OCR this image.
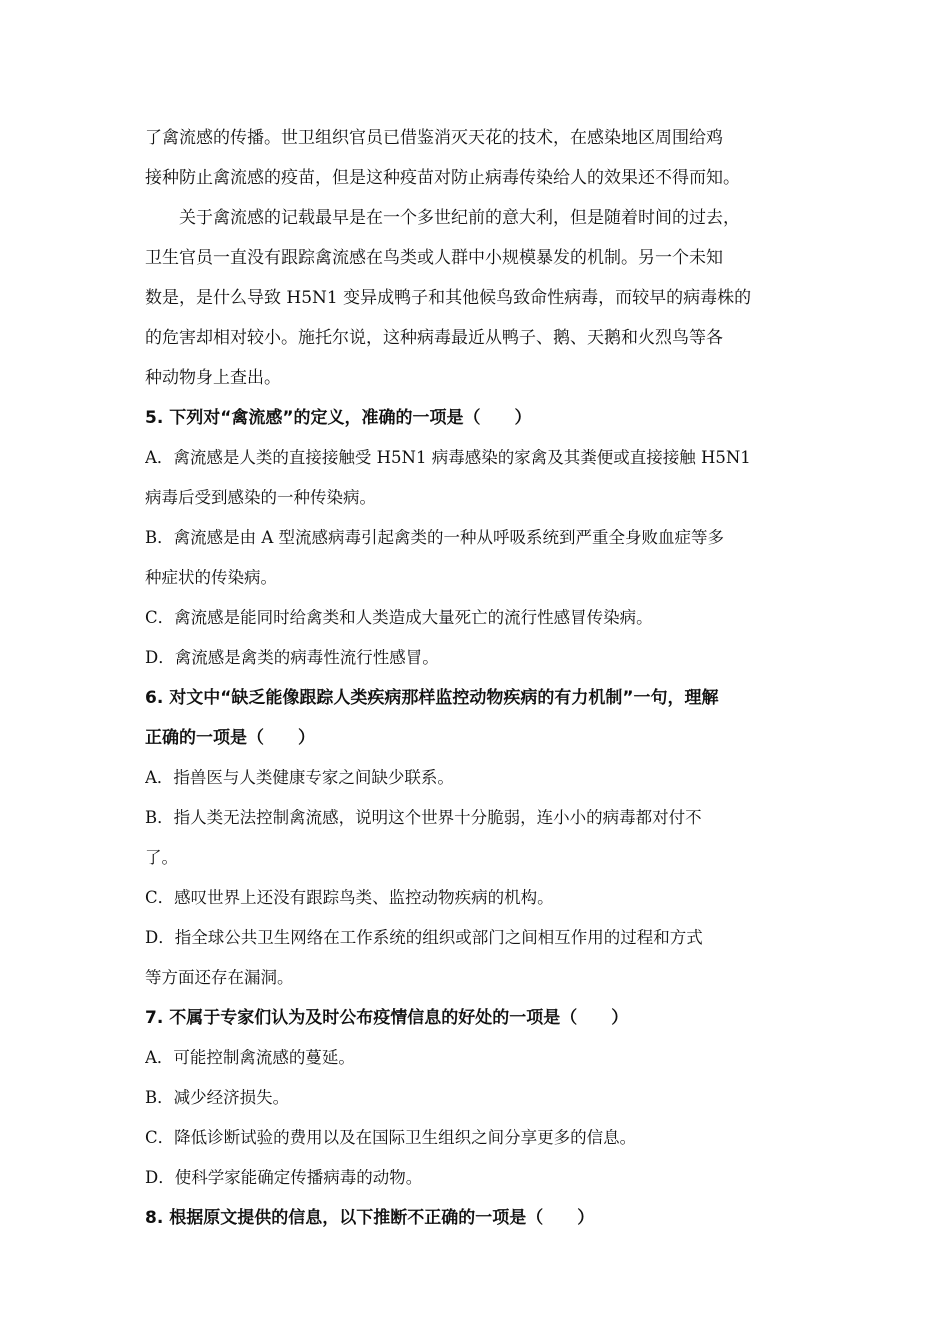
了禽流感的传播。世卫组织官员已借鉴消灭天花的技术，在感染地区周围给鸡
接种防止禽流感的疫苗，但是这种疫苗对防止病毒传染给人的效果还不得而知。
关于禽流感的记载最早是在一个多世纪前的意大利，但是随着时间的过去，
卫生官员一直没有跟踪禽流感在鸟类或人群中小规模暴发的机制。另一个未知
数是，是什么导致 H5N1 变异成鸭子和其他候鸟致命性病毒，而较早的病毒株的
的危害却相对较小。施托尔说，这种病毒最近从鸭子、鹅、天鹅和火烈鸟等各
种动物身上查出。
5. 下列对“禽流感”的定义，准确的一项是（　　）
A．禽流感是人类的直接接触受 H5N1 病毒感染的家禽及其粪便或直接接触 H5N1
病毒后受到感染的一种传染病。
B．禽流感是由 A 型流感病毒引起禽类的一种从呼吸系统到严重全身败血症等多
种症状的传染病。
C．禽流感是能同时给禽类和人类造成大量死亡的流行性感冒传染病。
D．禽流感是禽类的病毒性流行性感冒。
6. 对文中“缺乏能像跟踪人类疾病那样监控动物疾病的有力机制”一句，理解
正确的一项是（　　）
A．指兽医与人类健康专家之间缺少联系。
B．指人类无法控制禽流感，说明这个世界十分脆弱，连小小的病毒都对付不
了。
C．感叹世界上还没有跟踪鸟类、监控动物疾病的机构。
D．指全球公共卫生网络在工作系统的组织或部门之间相互作用的过程和方式
等方面还存在漏洞。
7. 不属于专家们认为及时公布疫情信息的好处的一项是（　　）
A．可能控制禽流感的蔓延。
B．减少经济损失。
C．降低诊断试验的费用以及在国际卫生组织之间分享更多的信息。
D．使科学家能确定传播病毒的动物。
8. 根据原文提供的信息，以下推断不正确的一项是（　　）
